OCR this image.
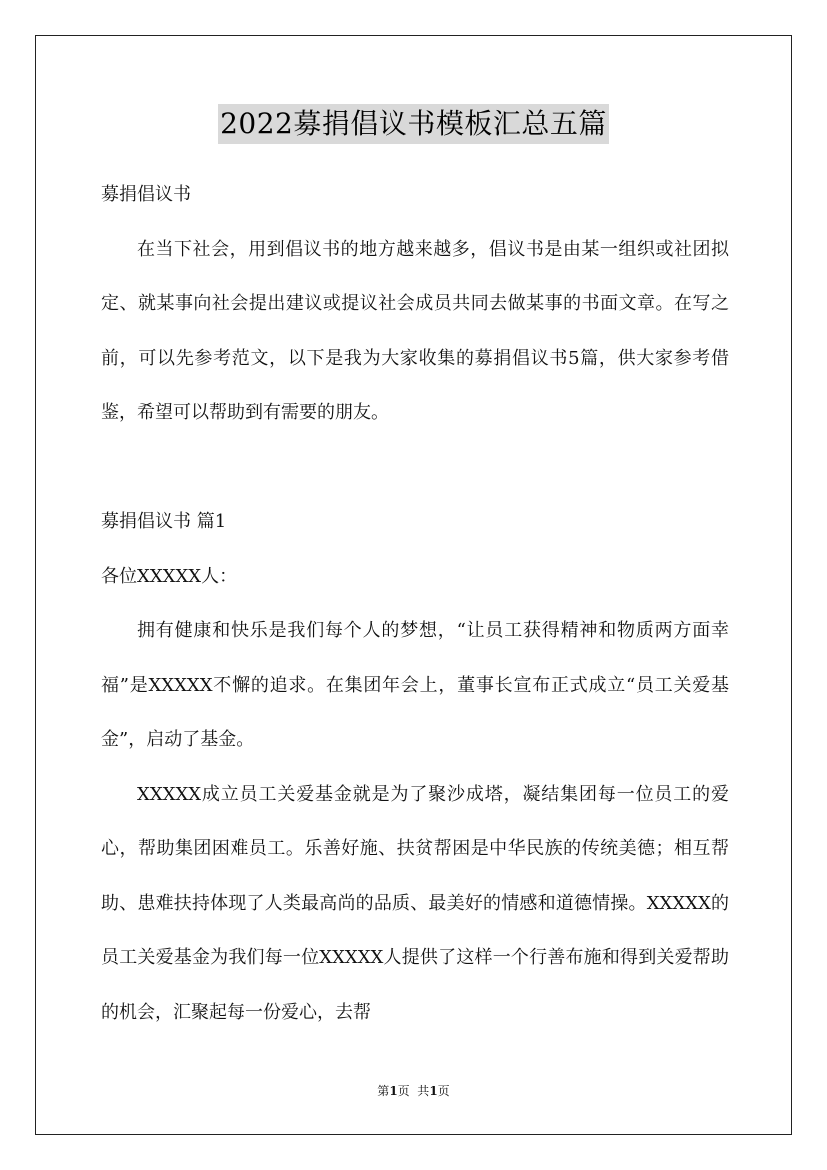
2022募捐倡议书模板汇总五篇

募捐倡议书

在当下社会，用到倡议书的地方越来越多，倡议书是由某一组织或社团拟定、就某事向社会提出建议或提议社会成员共同去做某事的书面文章。在写之前，可以先参考范文，以下是我为大家收集的募捐倡议书5篇，供大家参考借鉴，希望可以帮助到有需要的朋友。

募捐倡议书 篇1

各位XXXXX人：

拥有健康和快乐是我们每个人的梦想，“让员工获得精神和物质两方面幸福”是XXXXX不懈的追求。在集团年会上，董事长宣布正式成立“员工关爱基金”，启动了基金。

XXXXX成立员工关爱基金就是为了聚沙成塔，凝结集团每一位员工的爱心，帮助集团困难员工。乐善好施、扶贫帮困是中华民族的传统美德；相互帮助、患难扶持体现了人类最高尚的品质、最美好的情感和道德情操。XXXXX的员工关爱基金为我们每一位XXXXX人提供了这样一个行善布施和得到关爱帮助的机会，汇聚起每一份爱心，去帮

第1页  共1页
